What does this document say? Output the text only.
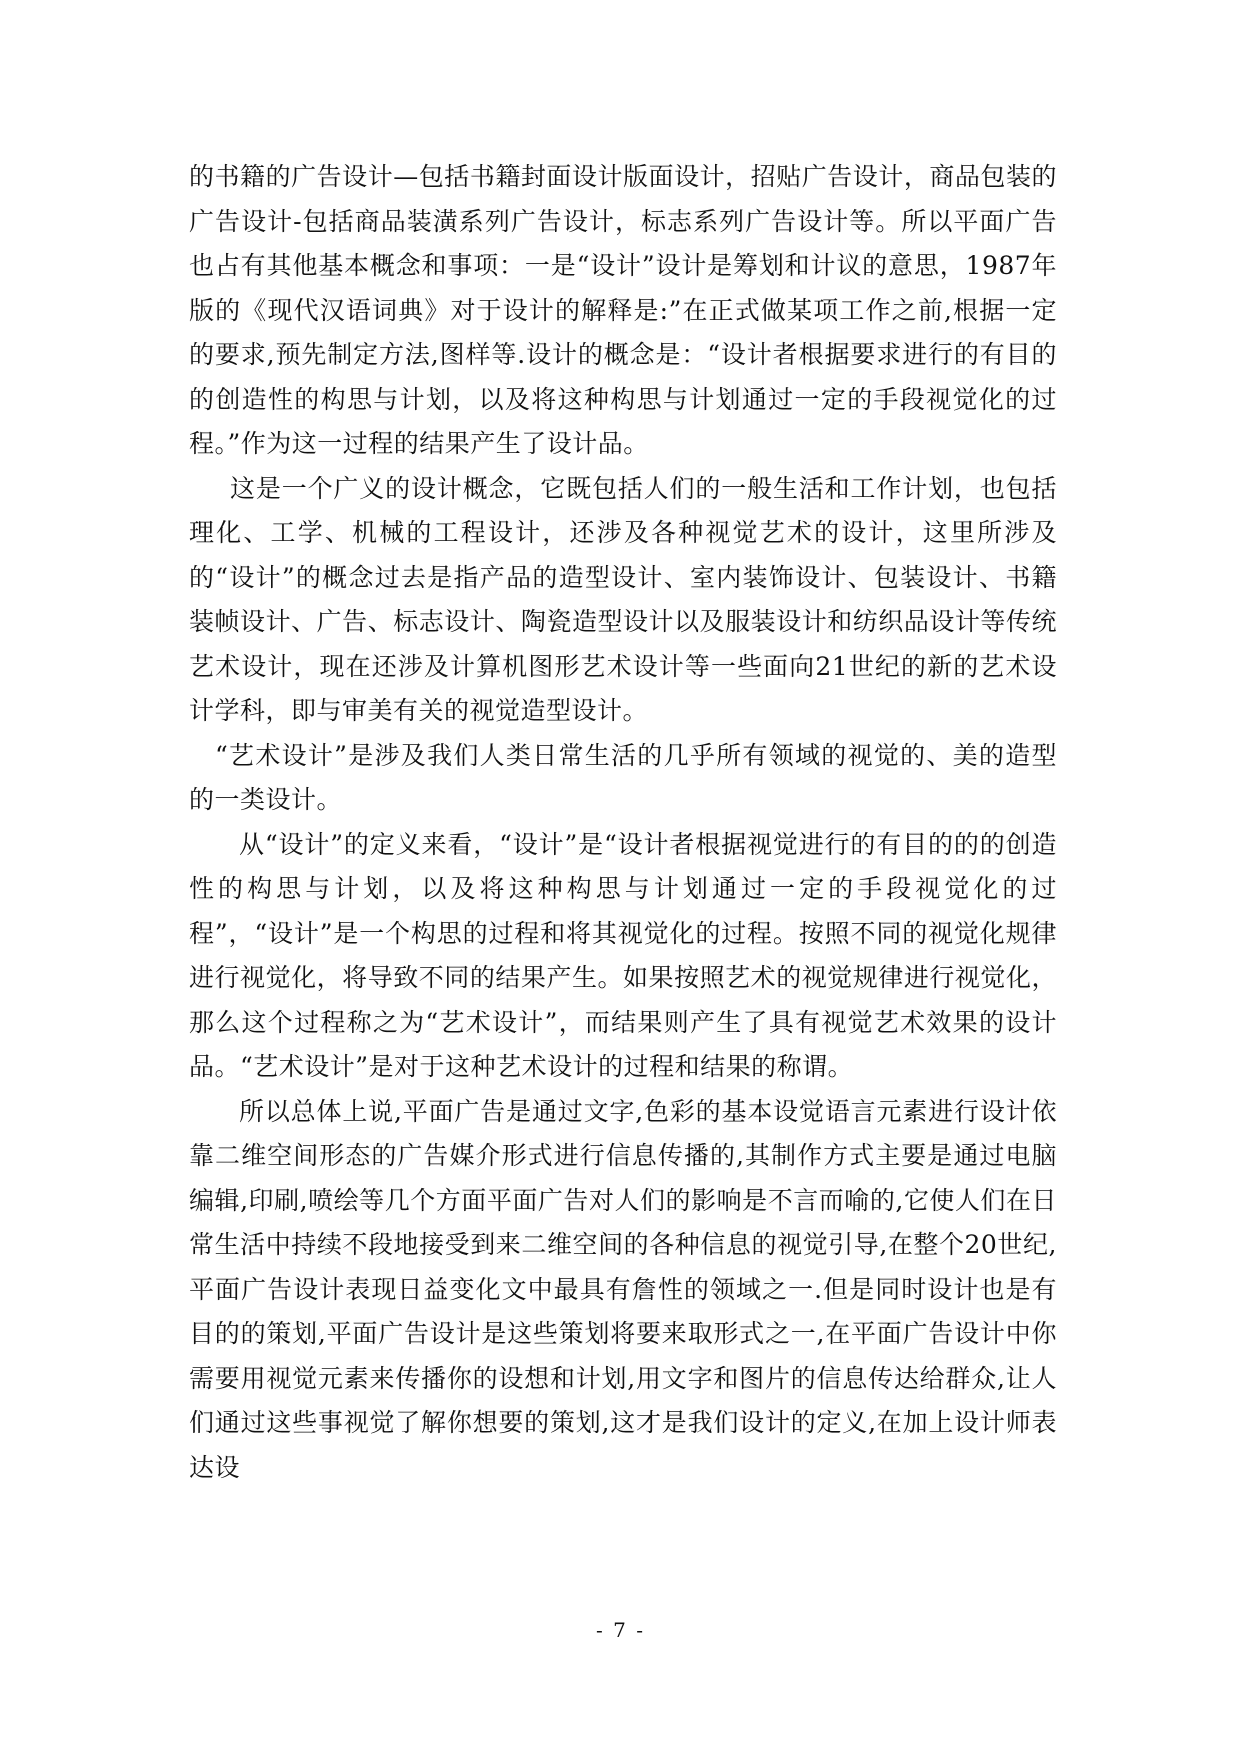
的书籍的广告设计—包括书籍封面设计版面设计，招贴广告设计，商品包装的广告设计-包括商品装潢系列广告设计，标志系列广告设计等。所以平面广告也占有其他基本概念和事项：一是“设计”设计是筹划和计议的意思，1987年版的《现代汉语词典》对于设计的解释是:”在正式做某项工作之前,根据一定的要求,预先制定方法,图样等.设计的概念是：“设计者根据要求进行的有目的的创造性的构思与计划，以及将这种构思与计划通过一定的手段视觉化的过程。”作为这一过程的结果产生了设计品。

这是一个广义的设计概念，它既包括人们的一般生活和工作计划，也包括理化、工学、机械的工程设计，还涉及各种视觉艺术的设计，这里所涉及的“设计”的概念过去是指产品的造型设计、室内装饰设计、包装设计、书籍装帧设计、广告、标志设计、陶瓷造型设计以及服装设计和纺织品设计等传统艺术设计，现在还涉及计算机图形艺术设计等一些面向21世纪的新的艺术设计学科，即与审美有关的视觉造型设计。

“艺术设计”是涉及我们人类日常生活的几乎所有领域的视觉的、美的造型的一类设计。

从“设计”的定义来看，“设计”是“设计者根据视觉进行的有目的的的创造性的构思与计划，以及将这种构思与计划通过一定的手段视觉化的过程”，“设计”是一个构思的过程和将其视觉化的过程。按照不同的视觉化规律进行视觉化，将导致不同的结果产生。如果按照艺术的视觉规律进行视觉化，那么这个过程称之为“艺术设计”，而结果则产生了具有视觉艺术效果的设计品。“艺术设计”是对于这种艺术设计的过程和结果的称谓。

所以总体上说,平面广告是通过文字,色彩的基本设觉语言元素进行设计依靠二维空间形态的广告媒介形式进行信息传播的,其制作方式主要是通过电脑编辑,印刷,喷绘等几个方面平面广告对人们的影响是不言而喻的,它使人们在日常生活中持续不段地接受到来二维空间的各种信息的视觉引导,在整个20世纪,平面广告设计表现日益变化文中最具有詹性的领域之一.但是同时设计也是有目的的策划,平面广告设计是这些策划将要来取形式之一,在平面广告设计中你需要用视觉元素来传播你的设想和计划,用文字和图片的信息传达给群众,让人们通过这些事视觉了解你想要的策划,这才是我们设计的定义,在加上设计师表达设

- 7 -
